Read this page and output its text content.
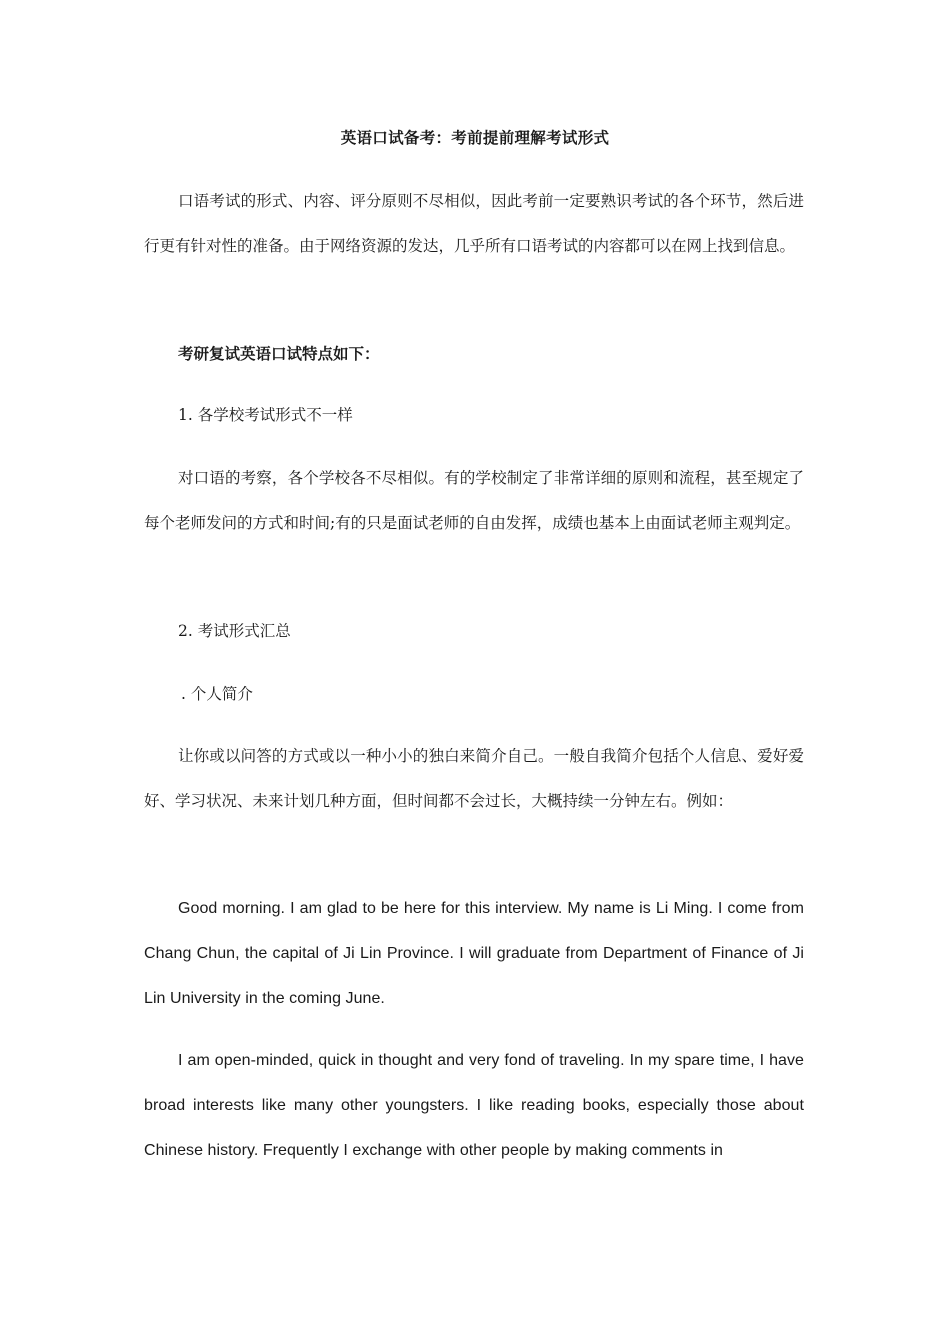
英语口试备考：考前提前理解考试形式

口语考试的形式、内容、评分原则不尽相似，因此考前一定要熟识考试的各个环节，然后进行更有针对性的准备。由于网络资源的发达，几乎所有口语考试的内容都可以在网上找到信息。

考研复试英语口试特点如下：

1. 各学校考试形式不一样

对口语的考察，各个学校各不尽相似。有的学校制定了非常详细的原则和流程，甚至规定了每个老师发问的方式和时间;有的只是面试老师的自由发挥，成绩也基本上由面试老师主观判定。

2. 考试形式汇总

. 个人简介

让你或以问答的方式或以一种小小的独白来简介自己。一般自我简介包括个人信息、爱好爱好、学习状况、未来计划几种方面，但时间都不会过长，大概持续一分钟左右。例如：

Good morning. I am glad to be here for this interview. My name is Li Ming. I come from Chang Chun, the capital of Ji Lin Province. I will graduate from Department of Finance of Ji Lin University in the coming June.

I am open-minded, quick in thought and very fond of traveling. In my spare time, I have broad interests like many other youngsters. I like reading books, especially those about Chinese history. Frequently I exchange with other people by making comments in
